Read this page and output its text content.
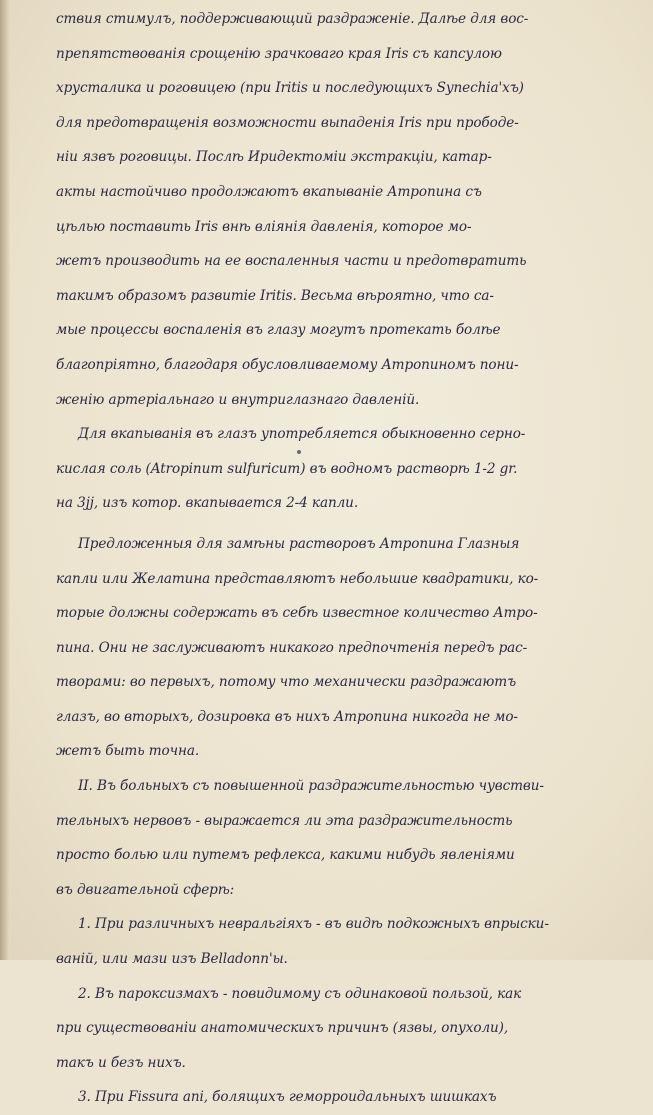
ствия стимулъ, поддерживающий раздраженіе. Далѣе для вос-
препятствованія срощенію зрачковаго края Iris съ капсулою
хрусталика и роговицею (при Iritis и последующихъ Synechia'хъ)
для предотвращенія возможности выпаденія Iris при прободе-
нiи язвъ роговицы. Послѣ Иридектоміи экстракціи, катар-
акты настойчиво продолжаютъ вкапываніе Атропина съ
цѣлью поставить Iris внѣ вліянія давленія, которое мо-
жетъ производить на ее воспаленныя части и предотвратить
такимъ образомъ развитіе Iritis. Весьма вѣроятно, что са-
мые процессы воспаленія въ глазу могутъ протекать болѣе
благопріятно, благодаря обусловливаемому Атропиномъ пони-
женію артеріальнаго и внутриглазнаго давленій.
Для вкапыванія въ глазъ употребляется обыкновенно серно-
кислая соль (Atropinum sulfuricum) въ водномъ растворѣ 1-2 gr.
на 3jj, изъ котор. вкапывается 2-4 капли.
Предложенныя для замѣны растворовъ Атропина Глазныя
капли или Желатина представляютъ небольшие квадратики, ко-
торые должны содержать въ себѣ известное количество Атро-
пина. Они не заслуживаютъ никакого предпочтенія передъ рас-
творами: во первыхъ, потому что механически раздражаютъ
глазъ, во вторыхъ, дозировка въ нихъ Атропина никогда не мо-
жетъ быть точна.
II. Въ больныхъ съ повышенной раздражительностью чувстви-
тельныхъ нервовъ - выражается ли эта раздражительность
просто болью или путемъ рефлекса, какими нибудь явленіями
въ двигательной сферѣ:
1. При различныхъ невральгіяхъ - въ видѣ подкожныхъ впрыски-
ваній, или мази изъ Belladonn'ы.
2. Въ пароксизмахъ - повидимому съ одинаковой пользой, как
при существованіи анатомическихъ причинъ (язвы, опухоли),
такъ и безъ нихъ.
3. При Fissura ani, болящихъ геморроидальныхъ шишкахъ
